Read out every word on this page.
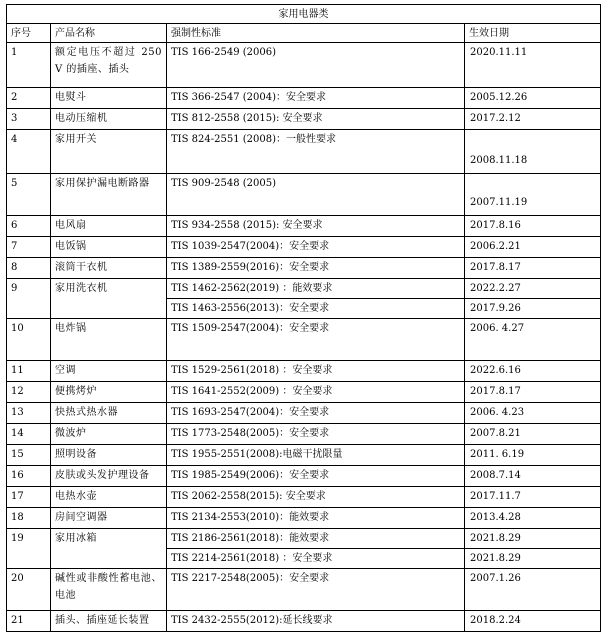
家用电器类			
序号	产品名称	强制性标准	生效日期
1	额定电压不超过 250 V 的插座、插头	TIS 166-2549 (2006)	2020.11.11
2	电熨斗	TIS 366-2547 (2004)：安全要求	2005.12.26
3	电动压缩机	TIS 812-2558 (2015): 安全要求	2017.2.12
4	家用开关	TIS 824-2551 (2008)：一般性要求	2008.11.18
5	家用保护漏电断路器	TIS 909-2548 (2005)	2007.11.19
6	电风扇	TIS 934-2558 (2015): 安全要求	2017.8.16
7	电饭锅	TIS 1039-2547(2004)：安全要求	2006.2.21
8	滚筒干衣机	TIS 1389-2559(2016)：安全要求	2017.8.17
9	家用洗衣机	TIS 1462-2562(2019) ：能效要求	2022.2.27
		TIS 1463-2556(2013)：安全要求	2017.9.26
10	电炸锅	TIS 1509-2547(2004)：安全要求	2006. 4.27
11	空调	TIS 1529-2561(2018) ：安全要求	2022.6.16
12	便携烤炉	TIS 1641-2552(2009) ：安全要求	2017.8.17
13	快热式热水器	TIS 1693-2547(2004)：安全要求	2006. 4.23
14	微波炉	TIS 1773-2548(2005)：安全要求	2007.8.21
15	照明设备	TIS 1955-2551(2008):电磁干扰限量	2011. 6.19
16	皮肤或头发护理设备	TIS 1985-2549(2006)：安全要求	2008.7.14
17	电热水壶	TIS 2062-2558(2015): 安全要求	2017.11.7
18	房间空调器	TIS 2134-2553(2010)：能效要求	2013.4.28
19	家用冰箱	TIS 2186-2561(2018)：能效要求	2021.8.29
		TIS 2214-2561(2018) ：安全要求	2021.8.29
20	碱性或非酸性蓄电池、电池	TIS 2217-2548(2005)：安全要求	2007.1.26
21	插头、插座延长装置	TIS 2432-2555(2012):延长线要求	2018.2.24
